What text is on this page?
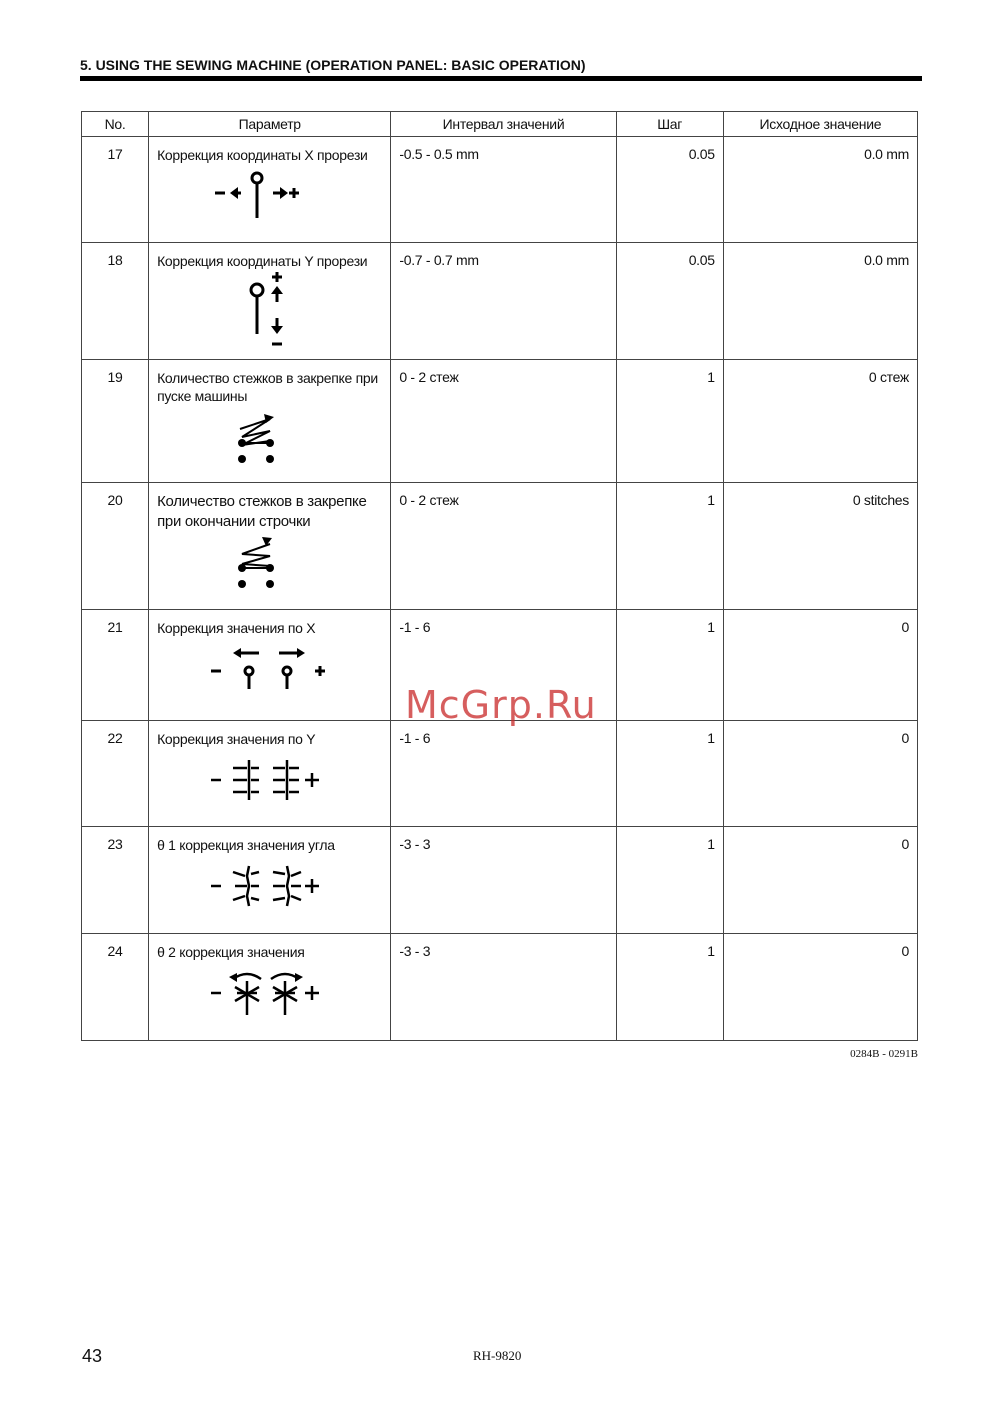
5. USING THE SEWING MACHINE (OPERATION PANEL: BASIC OPERATION)
No.	Параметр	Интервал значений	Шаг	Исходное значение
17	Коррекция координаты X прорези	-0.5 - 0.5 mm	0.05	0.0 mm
18	Коррекция координаты Y прорези	-0.7 - 0.7 mm	0.05	0.0 mm
19	Количество стежков в закрепке при пуске машины	0 - 2 стеж	1	0 стеж
20	Количество стежков в закрепке при окончании строчки	0 - 2 стеж	1	0 stitches
21	Коррекция значения по X	-1 - 6	1	0
22	Коррекция значения по Y	-1 - 6	1	0
23	θ 1 коррекция значения угла	-3 - 3	1	0
24	θ 2 коррекция значения	-3 - 3	1	0
0284B - 0291B
McGrp.Ru
43	RH-9820
